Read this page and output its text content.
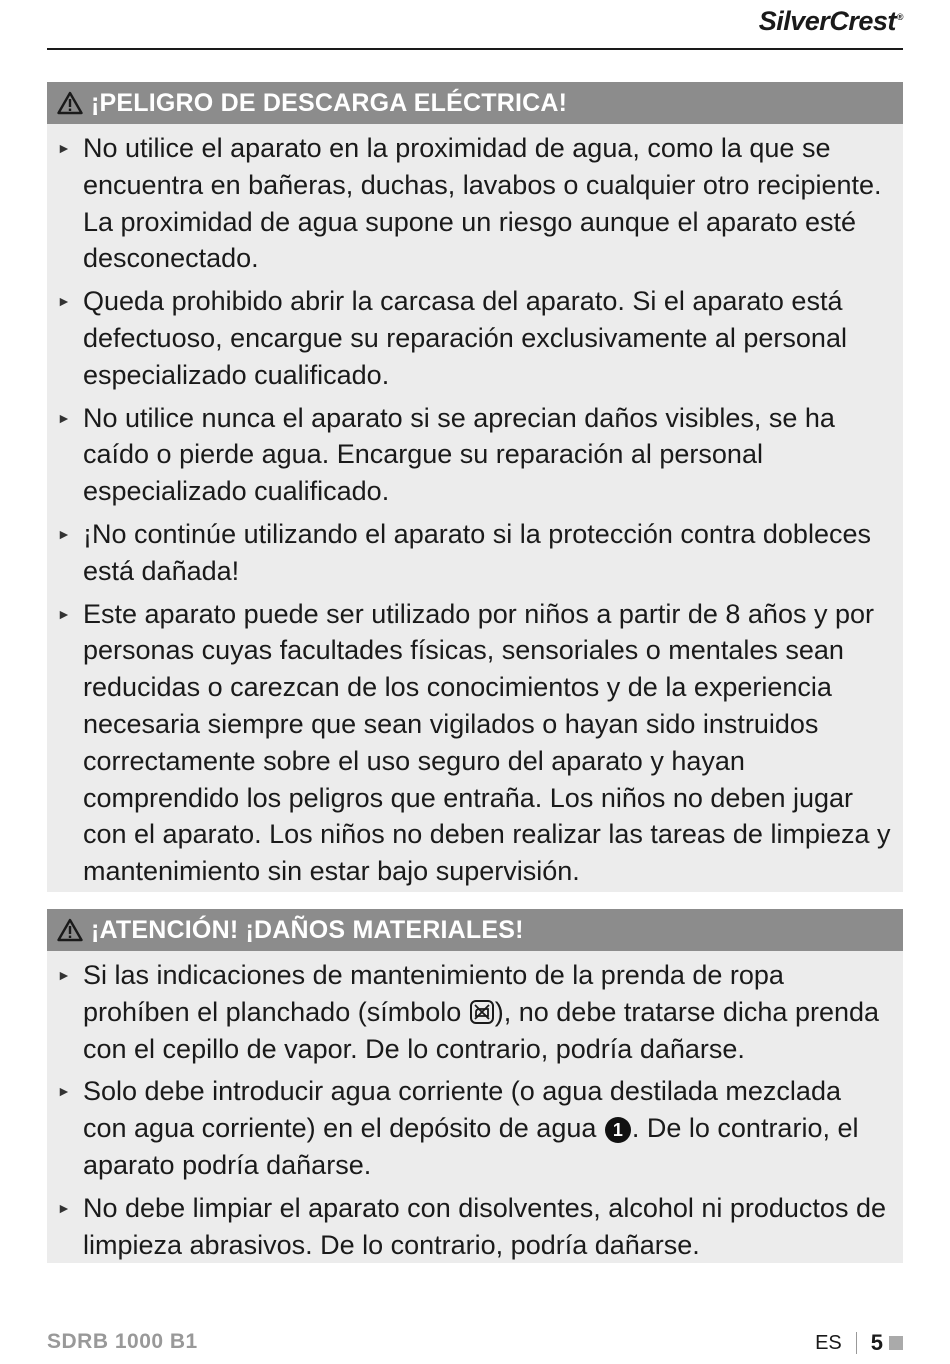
SilverCrest®
¡PELIGRO DE DESCARGA ELÉCTRICA!
►
No utilice el aparato en la proximidad de agua, como la que se encuentra en bañeras, duchas, lavabos o cualquier otro recipiente. La proximidad de agua supone un riesgo aunque el aparato esté desconectado.
►
Queda prohibido abrir la carcasa del aparato. Si el aparato está defectuoso, encargue su reparación exclusivamente al personal especializado cualificado.
►
No utilice nunca el aparato si se aprecian daños visibles, se ha caído o pierde agua. Encargue su reparación al personal especializado cualificado.
►
¡No continúe utilizando el aparato si la protección contra dobleces está dañada!
►
Este aparato puede ser utilizado por niños a partir de 8 años y por personas cuyas facultades físicas, sensoriales o mentales sean reducidas o carezcan de los conocimientos y de la experiencia necesaria siempre que sean vigilados o hayan sido instruidos correctamente sobre el uso seguro del aparato y hayan comprendido los peligros que entraña. Los niños no deben jugar con el aparato. Los niños no deben realizar las tareas de limpieza y mantenimiento sin estar bajo supervisión.
¡ATENCIÓN! ¡DAÑOS MATERIALES!
►
Si las indicaciones de mantenimiento de la prenda de ropa prohíben el planchado (símbolo ), no debe tratarse dicha prenda con el cepillo de vapor. De lo contrario, podría dañarse.
►
Solo debe introducir agua corriente (o agua destilada mezclada con agua corriente) en el depósito de agua 1 . De lo contrario, el aparato podría dañarse.
►
No debe limpiar el aparato con disolventes, alcohol ni productos de limpieza abrasivos. De lo contrario, podría dañarse.
SDRB 1000 B1	ES	5
